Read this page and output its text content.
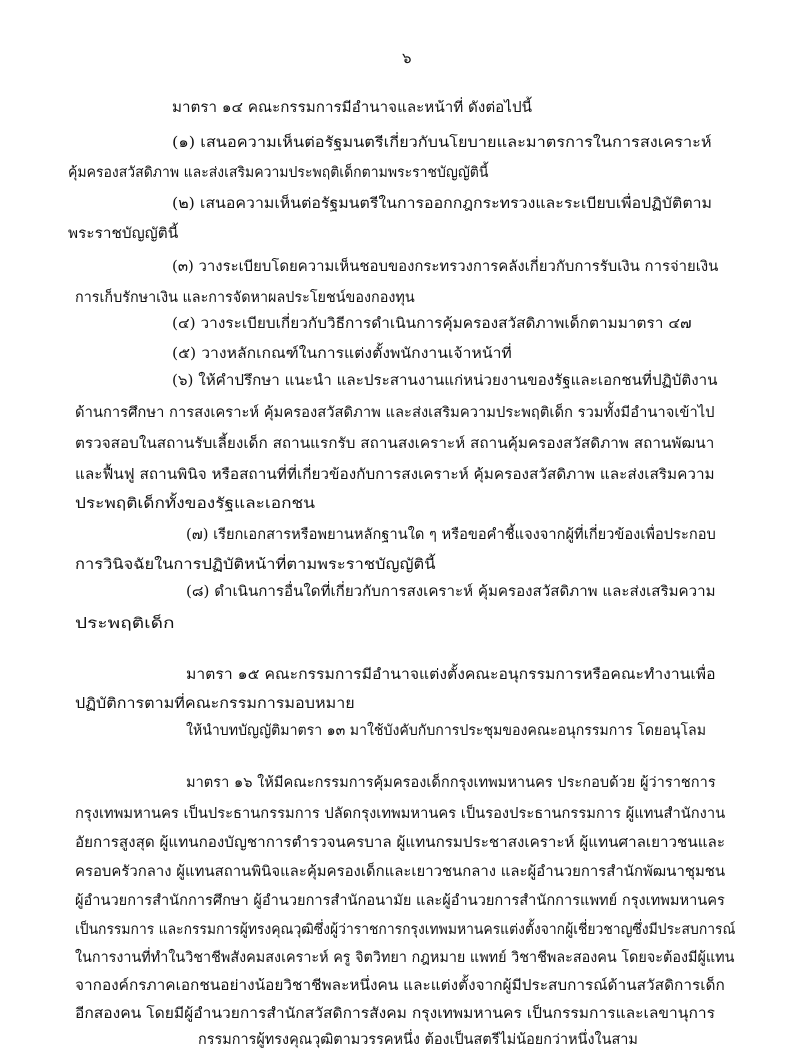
๖
มาตรา ๑๔ คณะกรรมการมีอำนาจและหน้าที่ ดังต่อไปนี้
(๑) เสนอความเห็นต่อรัฐมนตรีเกี่ยวกับนโยบายและมาตรการในการสงเคราะห์
คุ้มครองสวัสดิภาพ และส่งเสริมความประพฤติเด็กตามพระราชบัญญัตินี้
(๒) เสนอความเห็นต่อรัฐมนตรีในการออกกฎกระทรวงและระเบียบเพื่อปฏิบัติตาม
พระราชบัญญัตินี้
(๓) วางระเบียบโดยความเห็นชอบของกระทรวงการคลังเกี่ยวกับการรับเงิน การจ่ายเงิน
การเก็บรักษาเงิน และการจัดหาผลประโยชน์ของกองทุน
(๔) วางระเบียบเกี่ยวกับวิธีการดำเนินการคุ้มครองสวัสดิภาพเด็กตามมาตรา ๔๗
(๕) วางหลักเกณฑ์ในการแต่งตั้งพนักงานเจ้าหน้าที่
(๖) ให้คำปรึกษา แนะนำ และประสานงานแก่หน่วยงานของรัฐและเอกชนที่ปฏิบัติงาน
ด้านการศึกษา การสงเคราะห์ คุ้มครองสวัสดิภาพ และส่งเสริมความประพฤติเด็ก รวมทั้งมีอำนาจเข้าไป
ตรวจสอบในสถานรับเลี้ยงเด็ก สถานแรกรับ สถานสงเคราะห์ สถานคุ้มครองสวัสดิภาพ สถานพัฒนา
และฟื้นฟู สถานพินิจ หรือสถานที่ที่เกี่ยวข้องกับการสงเคราะห์ คุ้มครองสวัสดิภาพ และส่งเสริมความ
ประพฤติเด็กทั้งของรัฐและเอกชน
(๗) เรียกเอกสารหรือพยานหลักฐานใด ๆ หรือขอคำชี้แจงจากผู้ที่เกี่ยวข้องเพื่อประกอบ
การวินิจฉัยในการปฏิบัติหน้าที่ตามพระราชบัญญัตินี้
(๘) ดำเนินการอื่นใดที่เกี่ยวกับการสงเคราะห์ คุ้มครองสวัสดิภาพ และส่งเสริมความ
ประพฤติเด็ก
มาตรา ๑๕ คณะกรรมการมีอำนาจแต่งตั้งคณะอนุกรรมการหรือคณะทำงานเพื่อ
ปฏิบัติการตามที่คณะกรรมการมอบหมาย
ให้นำบทบัญญัติมาตรา ๑๓ มาใช้บังคับกับการประชุมของคณะอนุกรรมการ โดยอนุโลม
มาตรา ๑๖ ให้มีคณะกรรมการคุ้มครองเด็กกรุงเทพมหานคร ประกอบด้วย ผู้ว่าราชการ
กรุงเทพมหานคร เป็นประธานกรรมการ ปลัดกรุงเทพมหานคร เป็นรองประธานกรรมการ ผู้แทนสำนักงาน
อัยการสูงสุด ผู้แทนกองบัญชาการตำรวจนครบาล ผู้แทนกรมประชาสงเคราะห์ ผู้แทนศาลเยาวชนและ
ครอบครัวกลาง ผู้แทนสถานพินิจและคุ้มครองเด็กและเยาวชนกลาง และผู้อำนวยการสำนักพัฒนาชุมชน
ผู้อำนวยการสำนักการศึกษา ผู้อำนวยการสำนักอนามัย และผู้อำนวยการสำนักการแพทย์ กรุงเทพมหานคร
เป็นกรรมการ และกรรมการผู้ทรงคุณวุฒิซึ่งผู้ว่าราชการกรุงเทพมหานครแต่งตั้งจากผู้เชี่ยวชาญซึ่งมีประสบการณ์
ในการงานที่ทำในวิชาชีพสังคมสงเคราะห์ ครู จิตวิทยา กฎหมาย แพทย์ วิชาชีพละสองคน โดยจะต้องมีผู้แทน
จากองค์กรภาคเอกชนอย่างน้อยวิชาชีพละหนึ่งคน และแต่งตั้งจากผู้มีประสบการณ์ด้านสวัสดิการเด็ก
อีกสองคน โดยมีผู้อำนวยการสำนักสวัสดิการสังคม กรุงเทพมหานคร เป็นกรรมการและเลขานุการ
กรรมการผู้ทรงคุณวุฒิตามวรรคหนึ่ง ต้องเป็นสตรีไม่น้อยกว่าหนึ่งในสาม
